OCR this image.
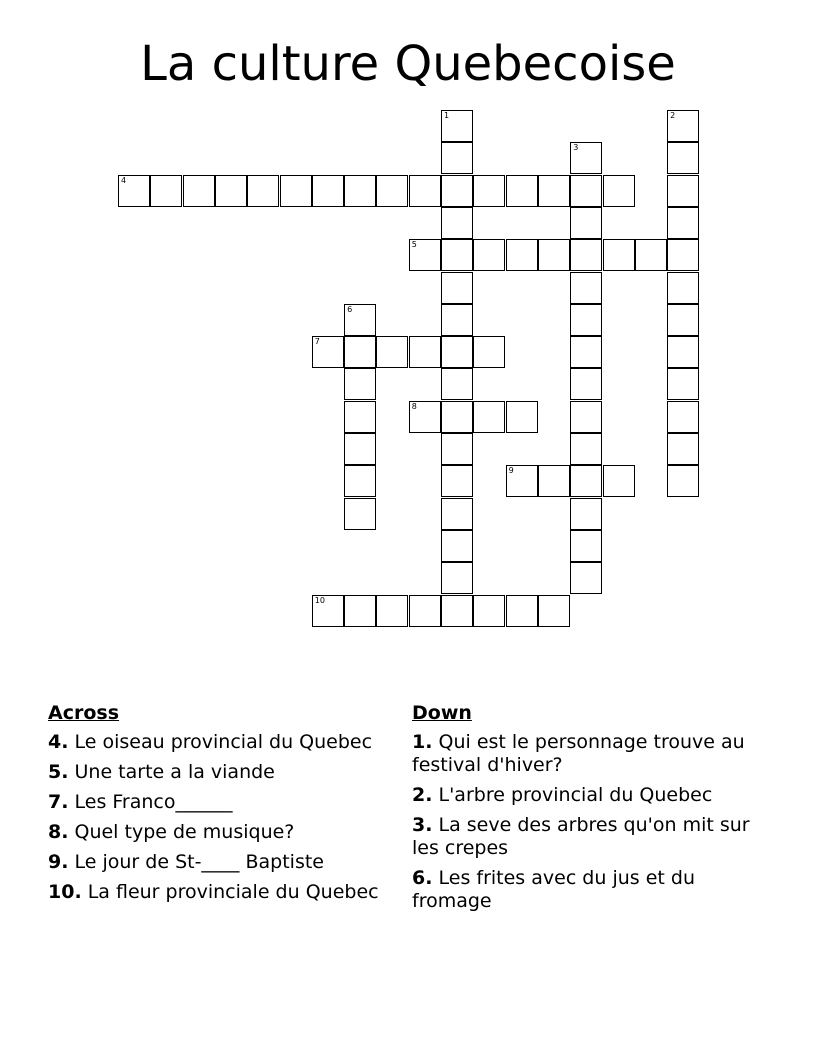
La culture Quebecoise
1	2
3
4
5
6
7
8
9
10
Across
4. Le oiseau provincial du Quebec
5. Une tarte a la viande
7. Les Franco______
8. Quel type de musique?
9. Le jour de St-____ Baptiste
10. La fleur provinciale du Quebec
Down
1. Qui est le personnage trouve au festival d'hiver?
2. L'arbre provincial du Quebec
3. La seve des arbres qu'on mit sur les crepes
6. Les frites avec du jus et du fromage
